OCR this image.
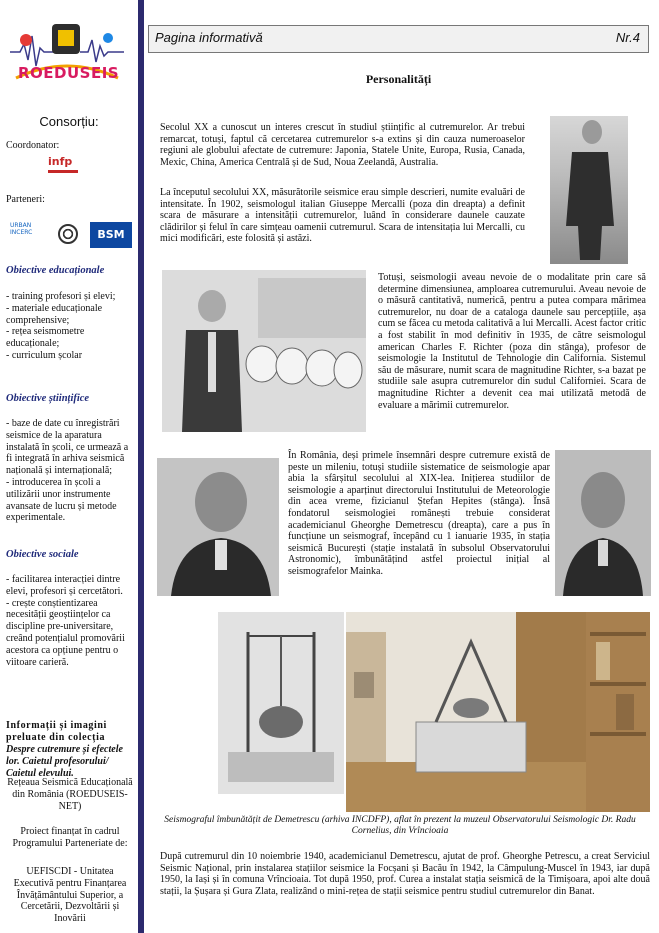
ROEDUSEIS
Consorțiu:
Coordonator:
infp
Parteneri:
URBAN INCERC	BSM
Obiective educaționale
- training profesori și elevi;
- materiale educaționale comprehensive;
- rețea seismometre educaționale;
- curriculum școlar
Obiective științifice
- baze de date cu înregistrări seismice de la aparatura instalată în școli, ce urmează a fi integrată în arhiva seismică națională și internațională;
- introducerea în școli a utilizării unor instrumente avansate de lucru și metode experimentale.
Obiective sociale
- facilitarea interacției dintre elevi, profesori și cercetători.
- crește conștientizarea necesității geoștiințelor ca discipline pre-universitare, creând potențialul promovării acestora ca opțiune pentru o viitoare carieră.

Informații și imagini preluate din colecția Despre cutremure și efectele lor. Caietul profesorului/ Caietul elevului.

Rețeaua Seismică Educațională din România (ROEDUSEIS-NET)
Proiect finanțat în cadrul Programului Parteneriate de:
UEFISCDI - Unitatea Executivă pentru Finanțarea Învățământului Superior, a Cercetării, Dezvoltării și Inovării
Pagina informativă	Nr.4
Personalități
Secolul XX a cunoscut un interes crescut în studiul științific al cutremurelor. Ar trebui remarcat, totuși, faptul că cercetarea cutremurelor s-a extins și din cauza numeroaselor regiuni ale globului afectate de cutremure: Japonia, Statele Unite, Europa, Rusia, Canada, Mexic, China, America Centrală și de Sud, Noua Zeelandă, Australia.
La începutul secolului XX, măsurătorile seismice erau simple descrieri, numite evaluări de intensitate. În 1902, seismologul italian Giuseppe Mercalli (poza din dreapta) a definit scara de măsurare a intensității cutremurelor, luând în considerare daunele cauzate clădirilor și felul în care simțeau oamenii cutremurul. Scara de intensitația lui Mercalli, cu mici modificări, este folosită și astăzi.
Totuși, seismologii aveau nevoie de o modalitate prin care să determine dimensiunea, amploarea cutremurului. Aveau nevoie de o măsură cantitativă, numerică, pentru a putea compara mărimea cutremurelor, nu doar de a cataloga daunele sau percepțiile, așa cum se făcea cu metoda calitativă a lui Mercalli. Acest factor critic a fost stabilit în mod definitiv în 1935, de către seismologul american Charles F. Richter (poza din stânga), profesor de seismologie la Institutul de Tehnologie din California. Sistemul său de măsurare, numit scara de magnitudine Richter, s-a bazat pe studiile sale asupra cutremurelor din sudul Californiei. Scara de magnitudine Richter a devenit cea mai utilizată metodă de evaluare a mărimii cutremurelor.
În România, deși primele însemnări despre cutremure există de peste un mileniu, totuși studiile sistematice de seismologie apar abia la sfârșitul secolului al XIX-lea. Inițierea studiilor de seismologie a aparținut directorului Institutului de Meteorologie din acea vreme, fizicianul Ștefan Hepites (stânga). Însă fondatorul seismologiei românești trebuie considerat academicianul Gheorghe Demetrescu (dreapta), care a pus în funcțiune un seismograf, începând cu 1 ianuarie 1935, în stația seismică București (stație instalată în subsolul Observatorului Astronomic), îmbunătățind astfel proiectul inițial al seismografelor Mainka.
Seismograful îmbunătățit de Demetrescu (arhiva INCDFP), aflat în prezent la muzeul Observatorului Seismologic Dr. Radu Cornelius, din Vrîncioaia
După cutremurul din 10 noiembrie 1940, academicianul Demetrescu, ajutat de prof. Gheorghe Petrescu, a creat Serviciul Seismic Național, prin instalarea stațiilor seismice la Focșani și Bacău în 1942, la Câmpulung-Muscel în 1943, iar după 1950, la Iași și în comuna Vrîncioaia. Tot după 1950, prof. Curea a instalat stația seismică de la Timișoara, apoi alte două stații, la Șușara și Gura Zlata, realizând o mini-rețea de stații seismice pentru studiul cutremurelor din Banat.
